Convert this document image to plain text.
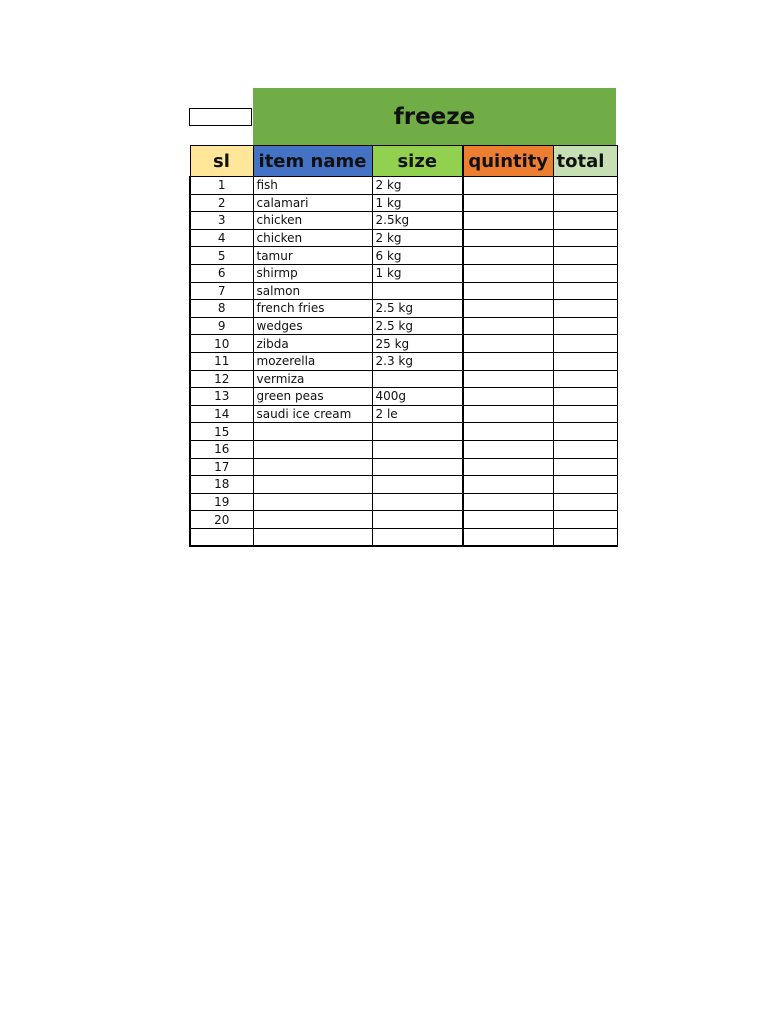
freeze
sl	item name	size	quintity	total
1	fish	2 kg		
2	calamari	1 kg		
3	chicken	2.5kg		
4	chicken	2 kg		
5	tamur	6 kg		
6	shirmp	1 kg		
7	salmon			
8	french fries	2.5 kg		
9	wedges	2.5 kg		
10	zibda	25 kg		
11	mozerella	2.3 kg		
12	vermiza			
13	green peas	400g		
14	saudi ice cream	2 le		
15				
16				
17				
18				
19				
20				
